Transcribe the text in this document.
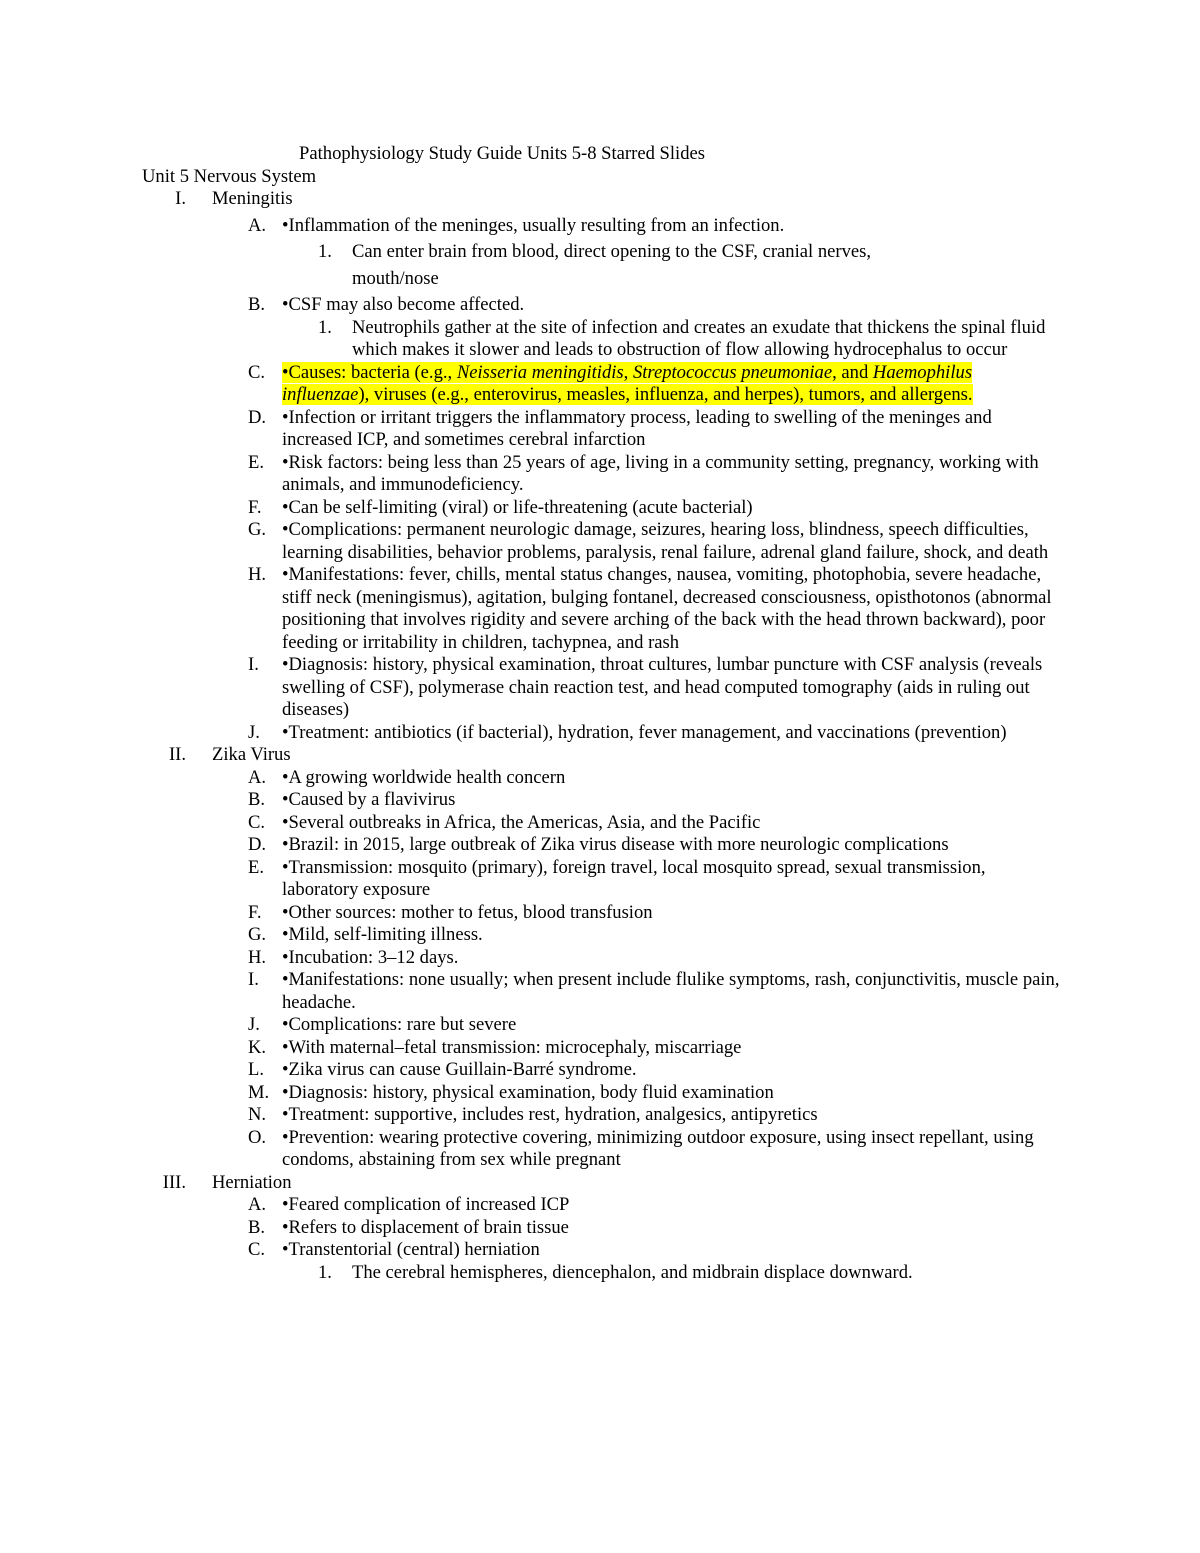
Pathophysiology Study Guide Units 5-8 Starred Slides
Unit 5 Nervous System
I. Meningitis
A. •Inflammation of the meninges, usually resulting from an infection.
1. Can enter brain from blood, direct opening to the CSF, cranial nerves,
mouth/nose
B. •CSF may also become affected.
1. Neutrophils gather at the site of infection and creates an exudate that thickens the spinal fluid which makes it slower and leads to obstruction of flow allowing hydrocephalus to occur
C. •Causes: bacteria (e.g., Neisseria meningitidis, Streptococcus pneumoniae, and Haemophilus influenzae), viruses (e.g., enterovirus, measles, influenza, and herpes), tumors, and allergens.
D. •Infection or irritant triggers the inflammatory process, leading to swelling of the meninges and increased ICP, and sometimes cerebral infarction
E. •Risk factors: being less than 25 years of age, living in a community setting, pregnancy, working with animals, and immunodeficiency.
F. •Can be self-limiting (viral) or life-threatening (acute bacterial)
G. •Complications: permanent neurologic damage, seizures, hearing loss, blindness, speech difficulties, learning disabilities, behavior problems, paralysis, renal failure, adrenal gland failure, shock, and death
H. •Manifestations: fever, chills, mental status changes, nausea, vomiting, photophobia, severe headache, stiff neck (meningismus), agitation, bulging fontanel, decreased consciousness, opisthotonos (abnormal positioning that involves rigidity and severe arching of the back with the head thrown backward), poor feeding or irritability in children, tachypnea, and rash
I. •Diagnosis: history, physical examination, throat cultures, lumbar puncture with CSF analysis (reveals swelling of CSF), polymerase chain reaction test, and head computed tomography (aids in ruling out diseases)
J. •Treatment: antibiotics (if bacterial), hydration, fever management, and vaccinations (prevention)
II. Zika Virus
A. •A growing worldwide health concern
B. •Caused by a flavivirus
C. •Several outbreaks in Africa, the Americas, Asia, and the Pacific
D. •Brazil: in 2015, large outbreak of Zika virus disease with more neurologic complications
E. •Transmission: mosquito (primary), foreign travel, local mosquito spread, sexual transmission, laboratory exposure
F. •Other sources: mother to fetus, blood transfusion
G. •Mild, self-limiting illness.
H. •Incubation: 3–12 days.
I. •Manifestations: none usually; when present include flulike symptoms, rash, conjunctivitis, muscle pain, headache.
J. •Complications: rare but severe
K. •With maternal–fetal transmission: microcephaly, miscarriage
L. •Zika virus can cause Guillain-Barré syndrome.
M. •Diagnosis: history, physical examination, body fluid examination
N. •Treatment: supportive, includes rest, hydration, analgesics, antipyretics
O. •Prevention: wearing protective covering, minimizing outdoor exposure, using insect repellant, using condoms, abstaining from sex while pregnant
III. Herniation
A. •Feared complication of increased ICP
B. •Refers to displacement of brain tissue
C. •Transtentorial (central) herniation
1. The cerebral hemispheres, diencephalon, and midbrain displace downward.
